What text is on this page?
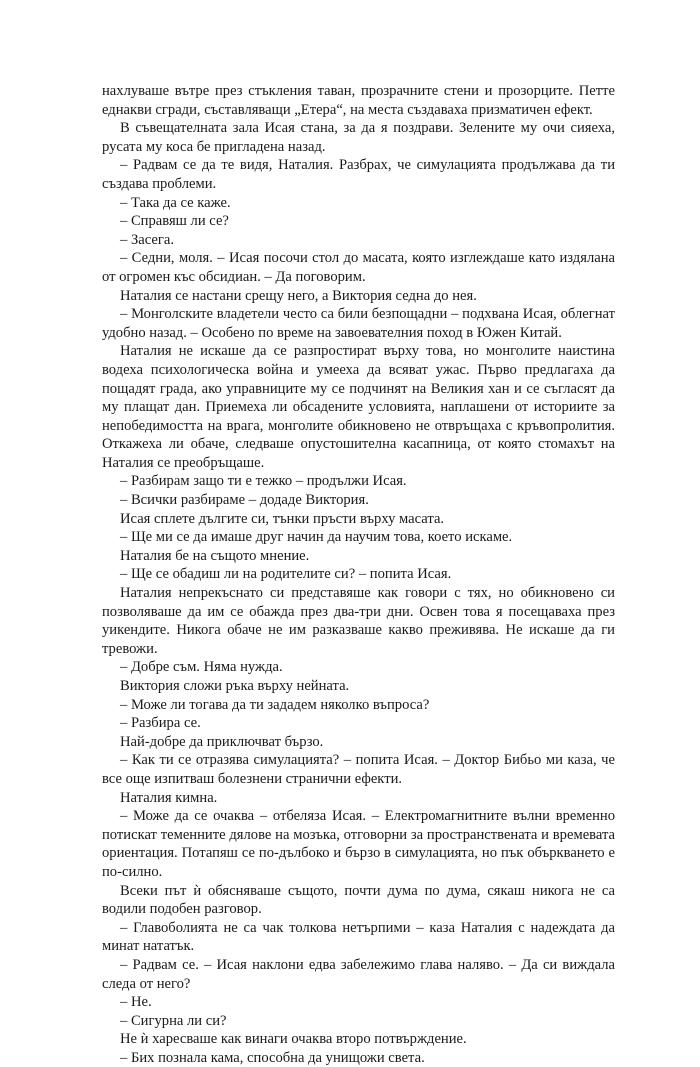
нахлуваше вътре през стъкления таван, прозрачните стени и прозорците. Петте еднакви сгради, съставляващи „Етера“, на места създаваха призматичен ефект.

В съвещателната зала Исая стана, за да я поздрави. Зелените му очи сияеха, русата му коса бе пригладена назад.

– Радвам се да те видя, Наталия. Разбрах, че симулацията продължава да ти създава проблеми.

– Така да се каже.

– Справяш ли се?

– Засега.

– Седни, моля. – Исая посочи стол до масата, която изглеждаше като издялана от огромен къс обсидиан. – Да поговорим.

Наталия се настани срещу него, а Виктория седна до нея.

– Монголските владетели често са били безпощадни – подхвана Исая, облегнат удобно назад. – Особено по време на завоевателния поход в Южен Китай.

Наталия не искаше да се разпростират върху това, но монголите наистина водеха психологическа война и умееха да всяват ужас. Първо предлагаха да пощадят града, ако управниците му се подчинят на Великия хан и се съгласят да му плащат дан. Приемеха ли обсадените условията, наплашени от историите за непобедимостта на врага, монголите обикновено не отвръщаха с кръвопролития. Откажеха ли обаче, следваше опустошителна касапница, от която стомахът на Наталия се преобръщаше.

– Разбирам защо ти е тежко – продължи Исая.

– Всички разбираме – додаде Виктория.

Исая сплете дългите си, тънки пръсти върху масата.

– Ще ми се да имаше друг начин да научим това, което искаме.

Наталия бе на същото мнение.

– Ще се обадиш ли на родителите си? – попита Исая.

Наталия непрекъснато си представяше как говори с тях, но обикновено си позволяваше да им се обажда през два-три дни. Освен това я посещаваха през уикендите. Никога обаче не им разказваше какво преживява. Не искаше да ги тревожи.

– Добре съм. Няма нужда.

Виктория сложи ръка върху нейната.

– Може ли тогава да ти зададем няколко въпроса?

– Разбира се.

Най-добре да приключват бързо.

– Как ти се отразява симулацията? – попита Исая. – Доктор Бибьо ми каза, че все още изпитваш болезнени странични ефекти.

Наталия кимна.

– Може да се очаква – отбеляза Исая. – Електромагнитните вълни временно потискат темeнните дялове на мозъка, отговорни за пространствената и времевата ориентация. Потапяш се по-дълбоко и бързо в симулацията, но пък объркването е по-силно.

Всеки път ѝ обясняваше същото, почти дума по дума, сякаш никога не са водили подобен разговор.

– Главоболията не са чак толкова нетърпими – каза Наталия с надеждата да минат нататък.

– Радвам се. – Исая наклони едва забележимо глава наляво. – Да си виждала следа от него?

– Не.

– Сигурна ли си?

Не ѝ харесваше как винаги очаква второ потвърждение.

– Бих познала кама, способна да унищожи света.
